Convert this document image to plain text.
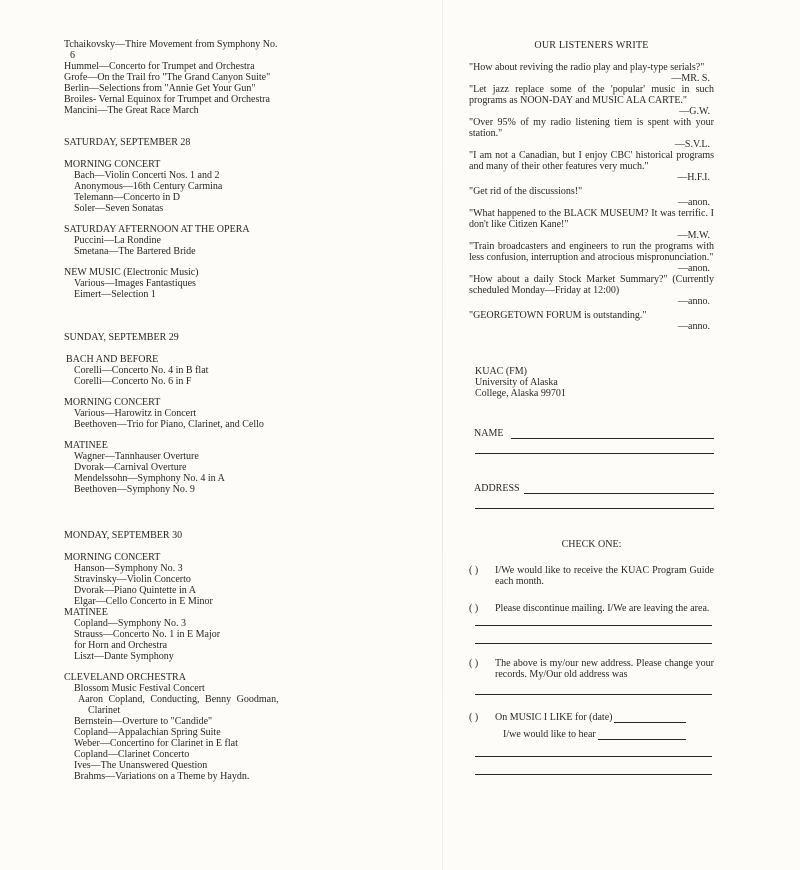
Tchaikovsky—Thire Movement from Symphony No.
6
Hummel—Concerto for Trumpet and Orchestra
Grofe—On the Trail fro "The Grand Canyon Suite"
Berlin—Selections from "Annie Get Your Gun"
Broiles- Vernal Equinox for Trumpet and Orchestra
Mancini—The Great Race March
SATURDAY, SEPTEMBER 28
MORNING CONCERT
Bach—Violin Concerti Nos. 1 and 2
Anonymous—16th Century Carmina
Telemann—Concerto in D
Soler—Seven Sonatas
SATURDAY AFTERNOON AT THE OPERA
Puccini—La Rondine
Smetana—The Bartered Bride
NEW MUSIC (Electronic Music)
Various—Images Fantastiques
Eimert—Selection 1
SUNDAY, SEPTEMBER 29
BACH AND BEFORE
Corelli—Concerto No. 4 in B flat
Corelli—Concerto No. 6 in F
MORNING CONCERT
Various—Harowitz in Concert
Beethoven—Trio for Piano, Clarinet, and Cello
MATINEE
Wagner—Tannhauser Overture
Dvorak—Carnival Overture
Mendelssohn—Symphony No. 4 in A
Beethoven—Symphony No. 9
MONDAY, SEPTEMBER 30
MORNING CONCERT
Hanson—Symphony No. 3
Stravinsky—Violin Concerto
Dvorak—Piano Quintette in A
Elgar—Cello Concerto in E Minor
MATINEE
Copland—Symphony No. 3
Strauss—Concerto No. 1 in E Major
for Horn and Orchestra
Liszt—Dante Symphony
CLEVELAND ORCHESTRA
Blossom Music Festival Concert
Aaron Copland, Conducting, Benny Goodman,
Clarinet
Bernstein—Overture to "Candide"
Copland—Appalachian Spring Suite
Weber—Concertino for Clarinet in E flat
Copland—Clarinet Concerto
Ives—The Unanswered Question
Brahms—Variations on a Theme by Haydn.
OUR LISTENERS WRITE
"How about reviving the radio play and play-type serials?"
—MR. S.
"Let jazz replace some of the 'popular' music in such programs as NOON-DAY and MUSIC ALA CARTE."
—G.W.
"Over 95% of my radio listening tiem is spent with your station."
—S.V.L.
"I am not a Canadian, but I enjoy CBC' historical programs and many of their other features very much."
—H.F.I.
"Get rid of the discussions!"
—anon.
"What happened to the BLACK MUSEUM? It was terrific. I don't like Citizen Kane!"
—M.W.
"Train broadcasters and engineers to run the programs with less confusion, interruption and atrocious mispronunciation."
—anon.
"How about a daily Stock Market Summary?" (Currently scheduled Monday—Friday at 12:00)
—anno.
"GEORGETOWN FORUM is outstanding."
—anno.
KUAC (FM)
University of Alaska
College, Alaska 99701
NAME
ADDRESS
CHECK ONE:
( )	I/We would like to receive the KUAC Program Guide each month.
( )	Please discontinue mailing. I/We are leaving the area.
( )	The above is my/our new address. Please change your records. My/Our old address was
( )	On MUSIC I LIKE for (date)
I/we would like to hear
